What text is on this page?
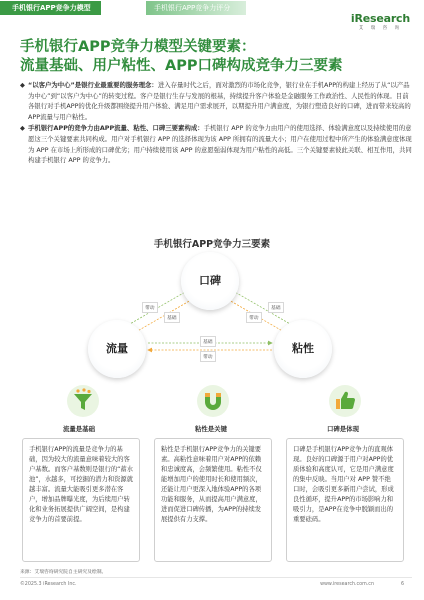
手机银行APP竞争力模型	手机银行APP竞争力评分
iResearch
艾 瑞 咨 询
手机银行APP竞争力模型关键要素：
流量基础、用户粘性、APP口碑构成竞争力三要素
◆ “以客户为中心”是银行业最重要的服务理念：进入存量时代之后，面对激烈的市场化竞争，银行业在手机APP的构建上经历了从“以产品为中心”到“以客户为中心”的转变过程。客户是银行生存与发展的根基，持续提升客户体验是金融服务工作政治性、人民性的体现。目前各银行对手机APP的优化升级都围绕提升用户体验、满足用户需求展开，以期提升用户满意度，为银行塑造良好的口碑，进而带来较高的APP流量与用户粘性。
◆ 手机银行APP的竞争力由APP流量、粘性、口碑三要素构成：手机银行 APP 的竞争力由用户的使用选择、体验满意度以及持续使用的意愿这三个关键要素共同构成。用户对手机银行 APP 的选择体现为该 APP 所拥有的流量大小；用户在使用过程中所产生的体验满意度体现为 APP 在市场上所形成的口碑优劣；用户持续使用该 APP 的意愿强弱体现为用户粘性的高低。三个关键要素彼此关联、相互作用，共同构建手机银行 APP 的竞争力。
手机银行APP竞争力三要素
口碑
流量	粘性
带动
基础	带动
基础
基础
带动
流量是基础	粘性是关键	口碑是体现
手机银行APP的流量是竞争力的基础，因为较大的流量意味着较大的客户基数。而客户基数则是银行的“蓄水池”，水越多，可挖掘的潜力和资源就越丰富。流量大能吸引更多潜在客户，增加品牌曝光度，为后续用户转化和业务拓展提供广阔空间，是构建竞争力的首要前提。
粘性是手机银行APP竞争力的关键要素。高粘性意味着用户对APP的依赖和忠诚度高，会频繁使用。粘性不仅能增加用户的使用时长和使用频次，还能让用户更深入地体验APP的各项功能和服务，从而提高用户满意度，进而促进口碑传播，为APP的持续发展提供有力支撑。
口碑是手机银行APP竞争力的直观体现。良好的口碑源于用户对APP的优质体验和高度认可，它是用户满意度的集中反映。当用户对 APP 赞不绝口时，会吸引更多新用户尝试，形成良性循环，提升APP的市场影响力和吸引力，是APP在竞争中脱颖而出的重要砝码。
来源：艾瑞咨询研究院自主研究及绘制。
©2025.3 iResearch Inc.	www.iresearch.com.cn	6
